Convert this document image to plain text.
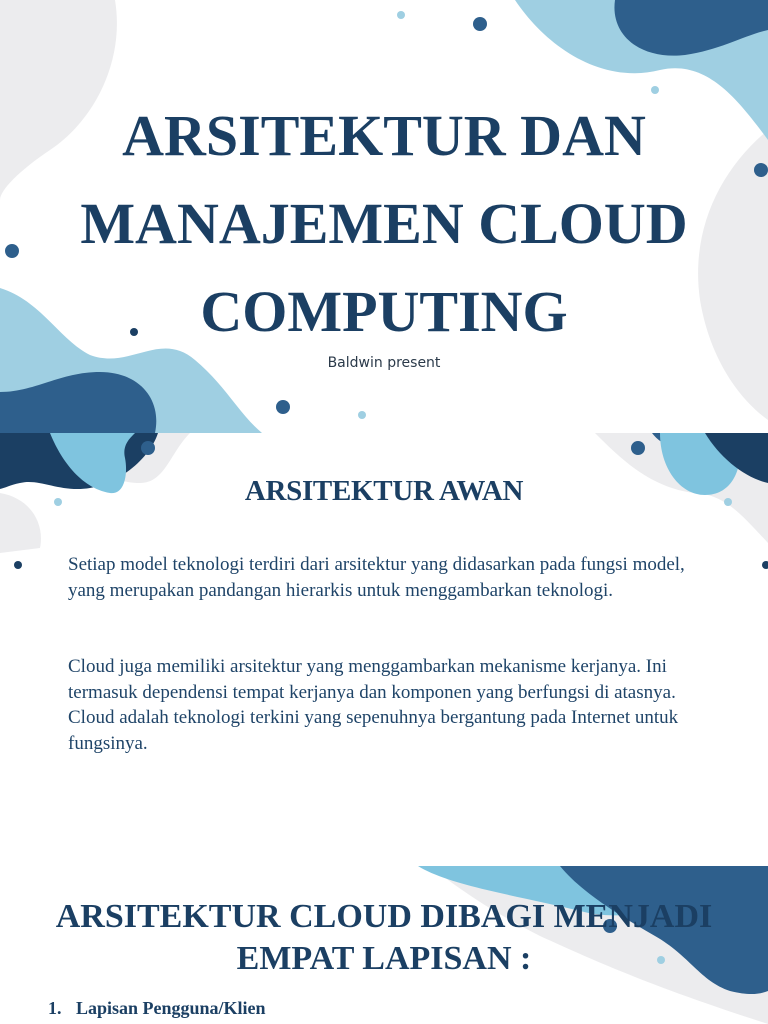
ARSITEKTUR DAN MANAJEMEN CLOUD COMPUTING
Baldwin present
ARSITEKTUR AWAN

Setiap model teknologi terdiri dari arsitektur yang didasarkan pada fungsi model, yang merupakan pandangan hierarkis untuk menggambarkan teknologi.

Cloud juga memiliki arsitektur yang menggambarkan mekanisme kerjanya. Ini termasuk dependensi tempat kerjanya dan komponen yang berfungsi di atasnya. Cloud adalah teknologi terkini yang sepenuhnya bergantung pada Internet untuk fungsinya.

ARSITEKTUR CLOUD DIBAGI MENJADI EMPAT LAPISAN :
1. Lapisan Pengguna/Klien
